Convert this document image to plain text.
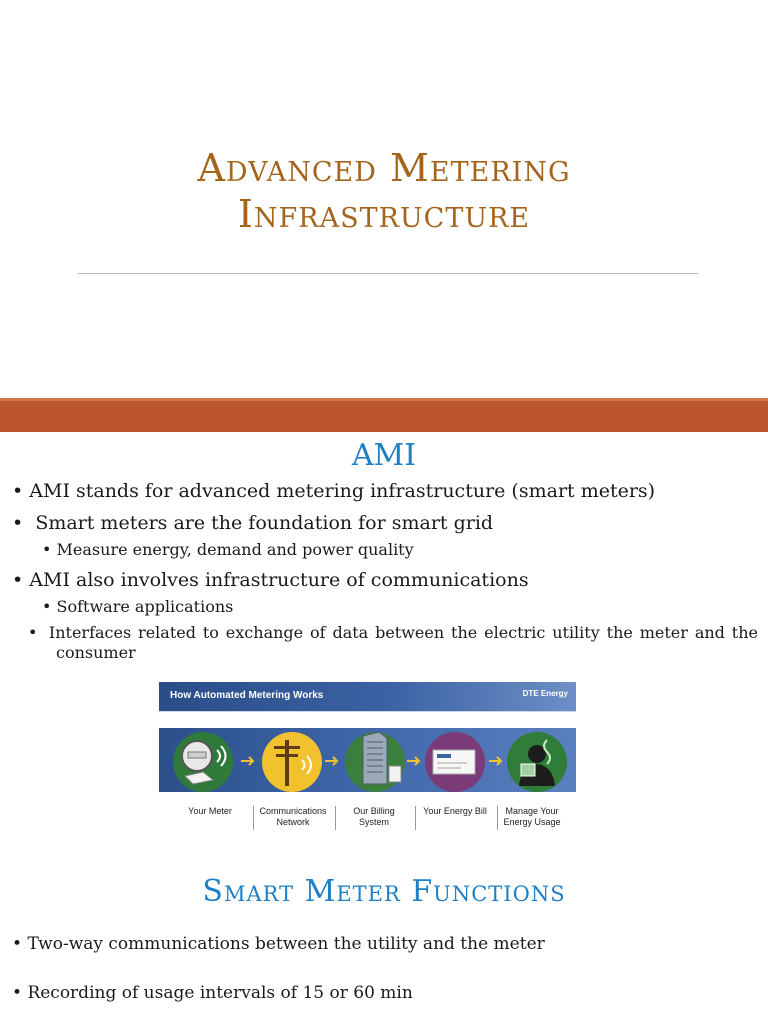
Advanced Metering
Infrastructure
AMI
• AMI stands for advanced metering infrastructure (smart meters)
• Smart meters are the foundation for smart grid
• Measure energy, demand and power quality
• AMI also involves infrastructure of communications
• Software applications
• Interfaces related to exchange of data between the electric utility the meter and the consumer
How Automated Metering Works	DTE Energy
Your Meter	Communications Network
Our Billing System
Your Energy Bill	Manage Your Energy Usage
Smart Meter Functions
• Two-way communications between the utility and the meter
• Recording of usage intervals of 15 or 60 min
